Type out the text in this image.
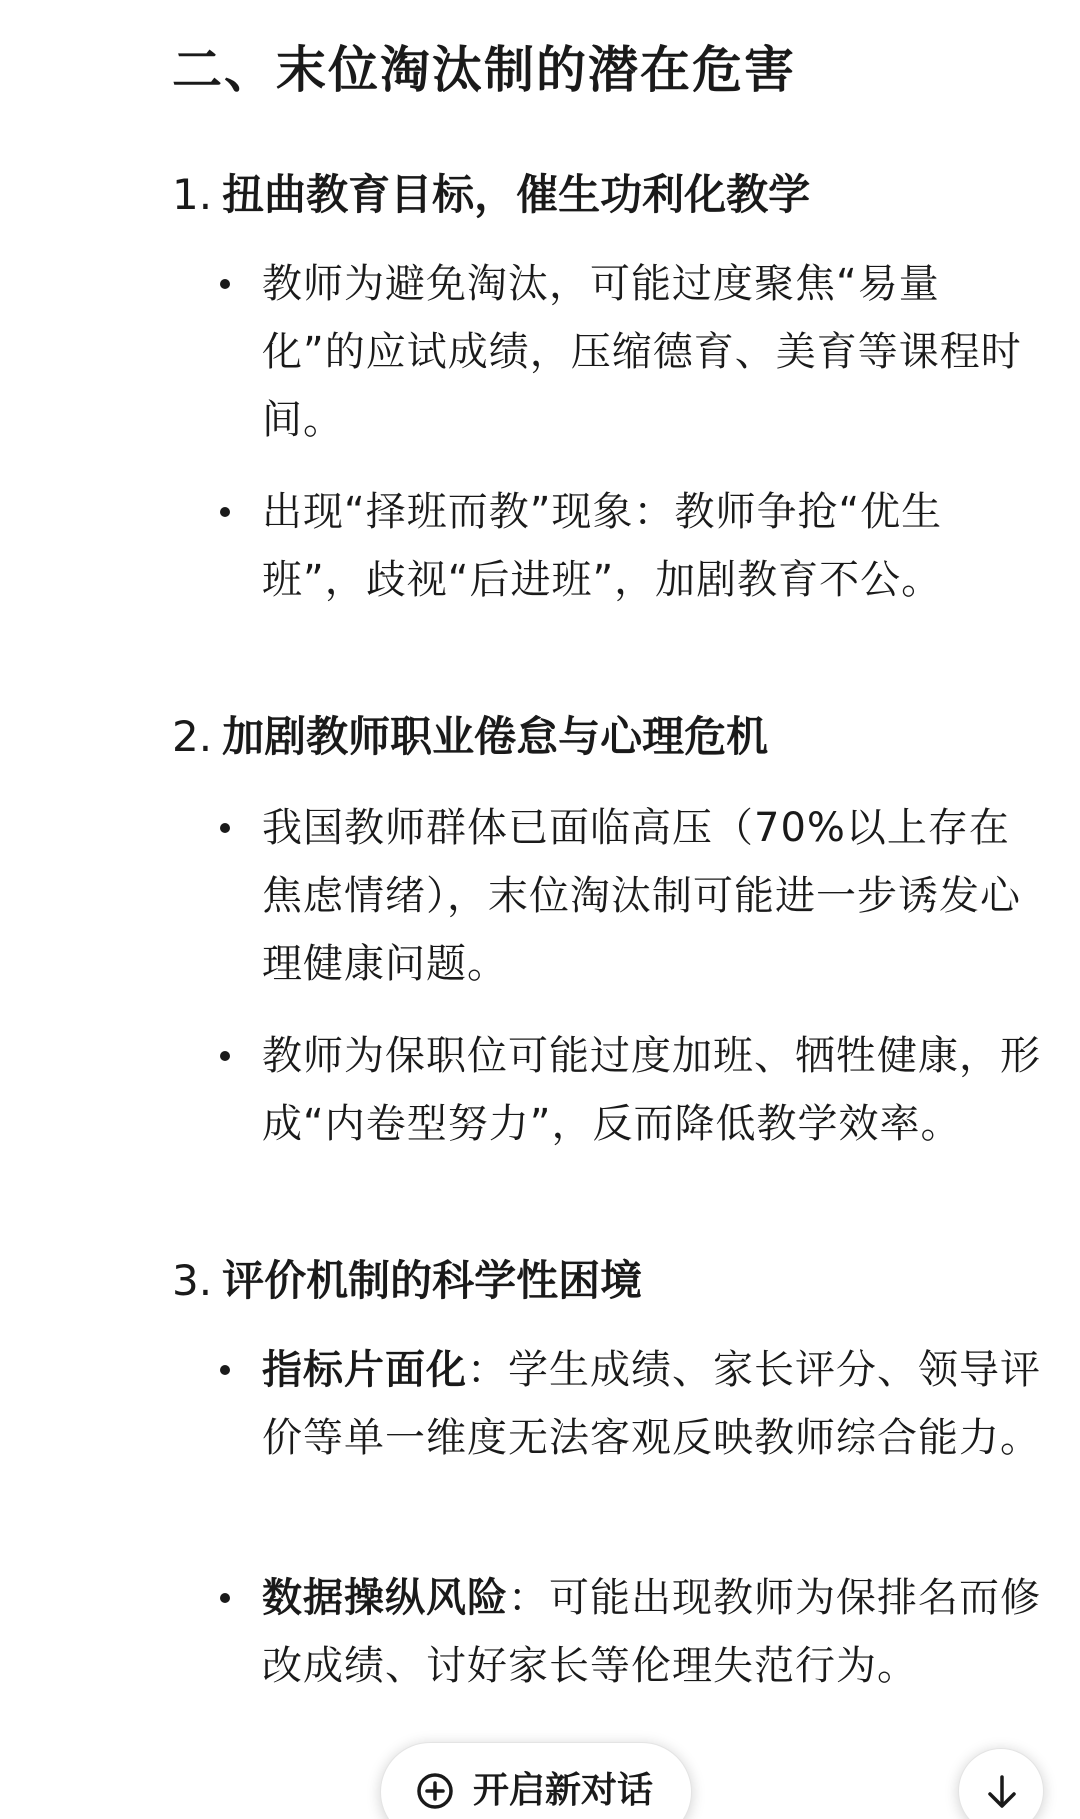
二、末位淘汰制的潜在危害
1. 扭曲教育目标，催生功利化教学
教师为避免淘汰，可能过度聚焦“易量化”的应试成绩，压缩德育、美育等课程时间。
出现“择班而教”现象：教师争抢“优生班”，歧视“后进班”，加剧教育不公。
2. 加剧教师职业倦怠与心理危机
我国教师群体已面临高压（70%以上存在焦虑情绪），末位淘汰制可能进一步诱发心理健康问题。
教师为保职位可能过度加班、牺牲健康，形成“内卷型努力”，反而降低教学效率。
3. 评价机制的科学性困境
指标片面化：学生成绩、家长评分、领导评价等单一维度无法客观反映教师综合能力。
数据操纵风险：可能出现教师为保排名而修改成绩、讨好家长等伦理失范行为。
开启新对话
